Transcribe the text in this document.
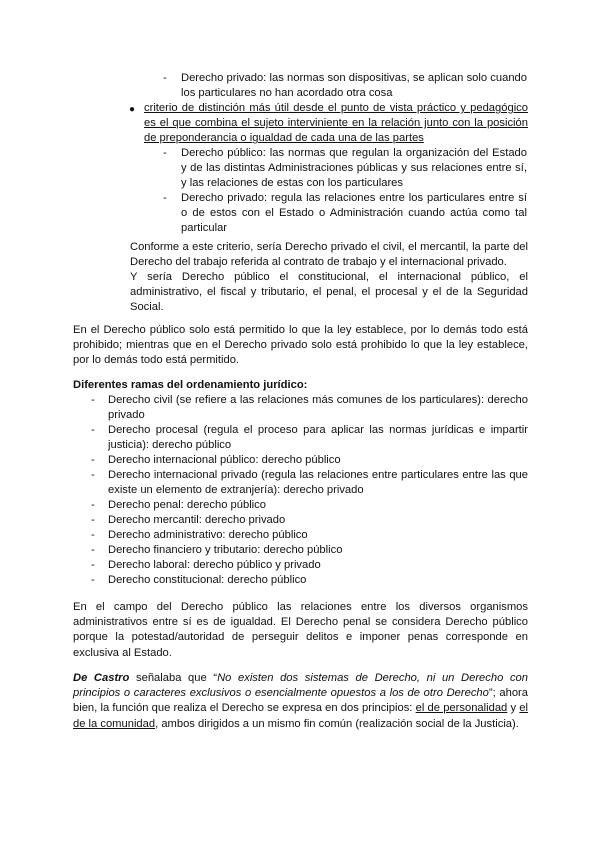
- Derecho privado: las normas son dispositivas, se aplican solo cuando los particulares no han acordado otra cosa
● criterio de distinción más útil desde el punto de vista práctico y pedagógico es el que combina el sujeto interviniente en la relación junto con la posición de preponderancia o igualdad de cada una de las partes
- Derecho público: las normas que regulan la organización del Estado y de las distintas Administraciones públicas y sus relaciones entre sí, y las relaciones de estas con los particulares
- Derecho privado: regula las relaciones entre los particulares entre sí o de estos con el Estado o Administración cuando actúa como tal particular
Conforme a este criterio, sería Derecho privado el civil, el mercantil, la parte del Derecho del trabajo referida al contrato de trabajo y el internacional privado.
Y sería Derecho público el constitucional, el internacional público, el administrativo, el fiscal y tributario, el penal, el procesal y el de la Seguridad Social.
En el Derecho público solo está permitido lo que la ley establece, por lo demás todo está prohibido; mientras que en el Derecho privado solo está prohibido lo que la ley establece, por lo demás todo está permitido.
Diferentes ramas del ordenamiento jurídico:
- Derecho civil (se refiere a las relaciones más comunes de los particulares): derecho privado
- Derecho procesal (regula el proceso para aplicar las normas jurídicas e impartir justicia): derecho público
- Derecho internacional público: derecho público
- Derecho internacional privado (regula las relaciones entre particulares entre las que existe un elemento de extranjería): derecho privado
- Derecho penal: derecho público
- Derecho mercantil: derecho privado
- Derecho administrativo: derecho público
- Derecho financiero y tributario: derecho público
- Derecho laboral: derecho público y privado
- Derecho constitucional: derecho público
En el campo del Derecho público las relaciones entre los diversos organismos administrativos entre sí es de igualdad. El Derecho penal se considera Derecho público porque la potestad/autoridad de perseguir delitos e imponer penas corresponde en exclusiva al Estado.
De Castro señalaba que “No existen dos sistemas de Derecho, ni un Derecho con principios o caracteres exclusivos o esencialmente opuestos a los de otro Derecho”; ahora bien, la función que realiza el Derecho se expresa en dos principios: el de personalidad y el de la comunidad, ambos dirigidos a un mismo fin común (realización social de la Justicia).
